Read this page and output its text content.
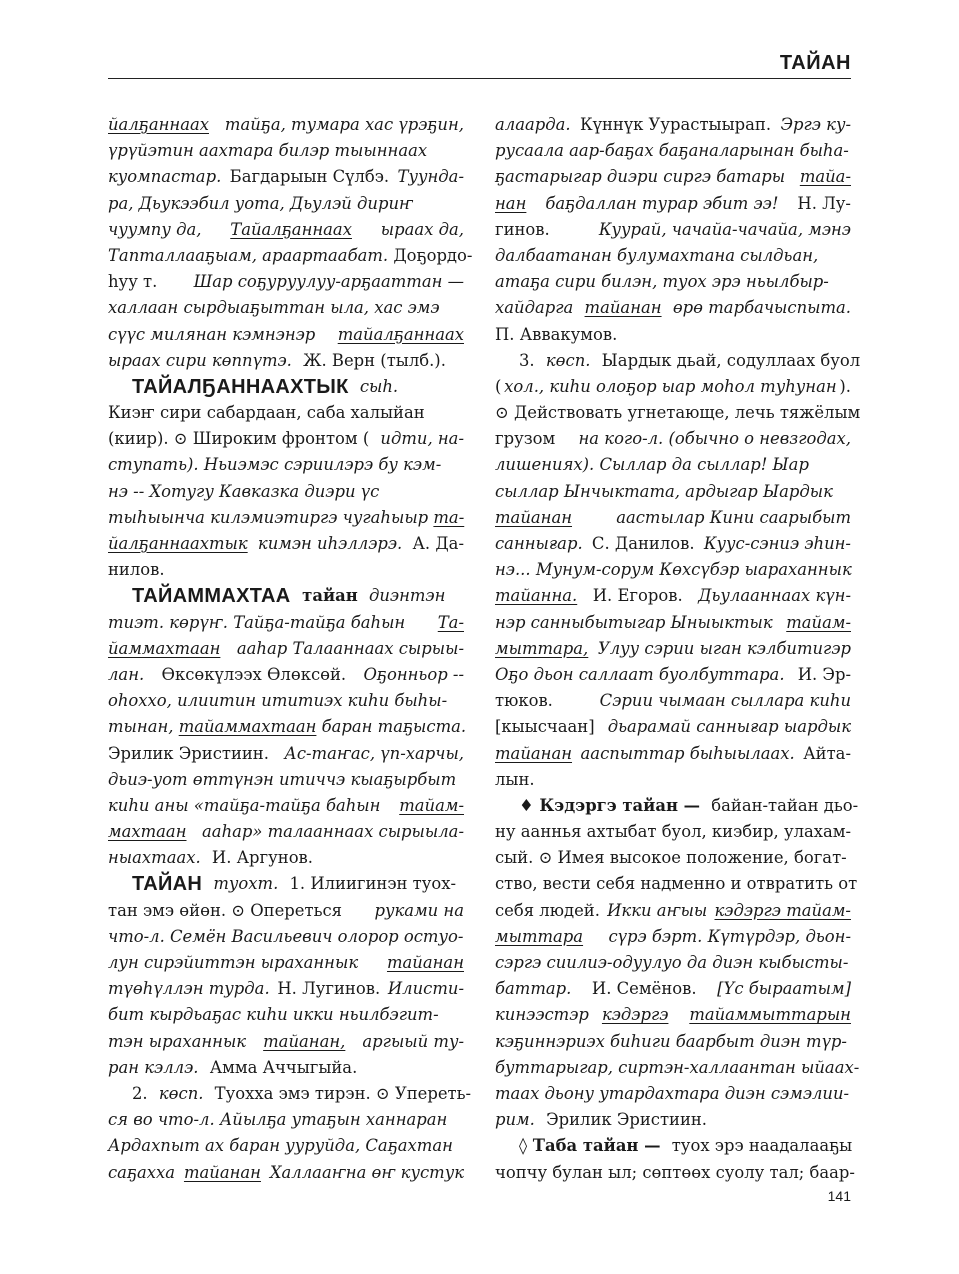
ТАЙАН
йалҕаннаах тайҕа, тумара хас үрэҕин,
үрүйэтин аахтара билэр тыыннаах
куомпастар. Багдарыын Сүлбэ. Туунда-
ра, Дьукээбил уота, Дьулэй дириҥ
чуумпу да, Тайалҕаннаах ыраах да,
Тапталлааҕыам, араартаабат. Доҕордо-
һуу т. Шар соҕуруулуу-арҕааттан —
халлаан сырдыаҕыттан ыла, хас эмэ
сүүс милянан кэмнэнэр тайалҕаннаах
ыраах сири көппүтэ. Ж. Верн (тылб.).
ТАЙАЛҔАННААХТЫК сыһ.
Киэҥ сири сабардаан, саба халыйан
(киир). ⊙ Широким фронтом ( идти, на-
ступать). Ньиэмэс сэриилэрэ бу кэм-
нэ -- Хотугу Кавказка диэри үс
тыһыынча килэмиэтиргэ чугаһыыр та-
йалҕаннаахтык кимэн иһэллэрэ. А. Да-
нилов.
ТАЙАММАХТАА тайан диэнтэн
тиэт. көрүҥ. Тайҕа-тайҕа баһын Та-
йаммахтаан ааһар Талааннаах сырыы-
лан. Өксөкүлээх Өлөксөй. Оҕонньор --
оһоххо, илиитин ититиэх киһи быһы-
тынан, тайаммахтаан баран таҕыста.
Эрилик Эристиин. Ас-таҥас, үп-харчы,
дьиэ-уот өттүнэн итиччэ кыаҕырбыт
киһи аны «тайҕа-тайҕа баһын тайам-
махтаан ааһар» талааннаах сырыыла-
ныахтаах. И. Аргунов.
ТАЙАН туохт. 1. Илиигинэн туох-
тан эмэ өйөн. ⊙ Опереться руками на
что-л. Семён Васильевич олорор остуо-
лун сирэйиттэн ыраханнык тайанан
түөһүллэн турда. Н. Лугинов. Илисти-
бит кырдьаҕас киһи икки ньилбэгит-
тэн ыраханнык тайанан, аргыый ту-
ран кэллэ. Амма Аччыгыйа.
2. көсп. Туохха эмэ тирэн. ⊙ Упереть-
ся во что-л. Айылҕа утаҕын ханнаран
Ардахпыт ах баран ууруйда, Саҕахтан
саҕахха тайанан Халлааҥна өҥ кустук
алаарда. Күннүк Уурастыырап. Эргэ ку-
русаала аар-баҕах баҕаналарынан быһа-
ҕастарыгар диэри сиргэ батары тайа-
нан баҕдаллан турар эбит ээ! Н. Лу-
гинов.	Куурай, чачайа-чачайа, мэнэ
далбаатанан булумахтана сылдьан,
атаҕа сири билэн, туох эрэ ньылбыр-
хайдарга тайанан өрө тарбачыспыта.
П. Аввакумов.
3. көсп. Ыардык дьай, содуллаах буол
( хол., киһи олоҕор ыар моһол туһунан ).
⊙ Действовать угнетающе, лечь тяжёлым
грузом на кого-л. (обычно о невзгодах,
лишениях). Сыллар да сыллар! Ыар
сыллар Ынчыктата, ардыгар Ыардык
тайанан аастылар Кини саарыбыт
саннығар. С. Данилов. Кууc-сэниэ эһин-
нэ... Мунум-сорум Көхсүбэр ыараханнык
тайанна. И. Егоров. Дьулааннаах күн-
нэр санныбытыгар Ыныыктык тайам-
мыттара, Улуу сэрии ыган кэлбитигэр
Оҕо дьон саллаат буолбуттара. И. Эр-
тюков.	Сэрии чымаан сыллара киһи
[кыысчаан] дьарамай саннығар ыардык
тайанан ааспыттар быһыылаах. Айта-
лын.
♦ Кэдэргэ тайан — байан-тайан дьо-
ну ааннья ахтыбат буол, киэбир, улахам-
сый. ⊙ Имея высокое положение, богат-
ство, вести себя надменно и отвратить от
себя людей. Икки аҥыы кэдэргэ тайам-
мыттара сүрэ бэрт. Күтүрдэр, дьон-
сэргэ сиилиэ-одуулуо да диэн кыбысты-
баттар. И. Семёнов. [Үс быраатым]
кинээстэр кэдэргэ
тайаммыттарын
кэҕиннэриэх биһиги баарбыт диэн түр-
буттарыгар, сиртэн-халлаантан ыйаах-
таах дьону утардахтара диэн сэмэлии-
рим. Эрилик Эристиин.
◊ Таба тайан — туох эрэ наадалааҕы
чопчу булан ыл; сөптөөх суолу тал; баар-
141
